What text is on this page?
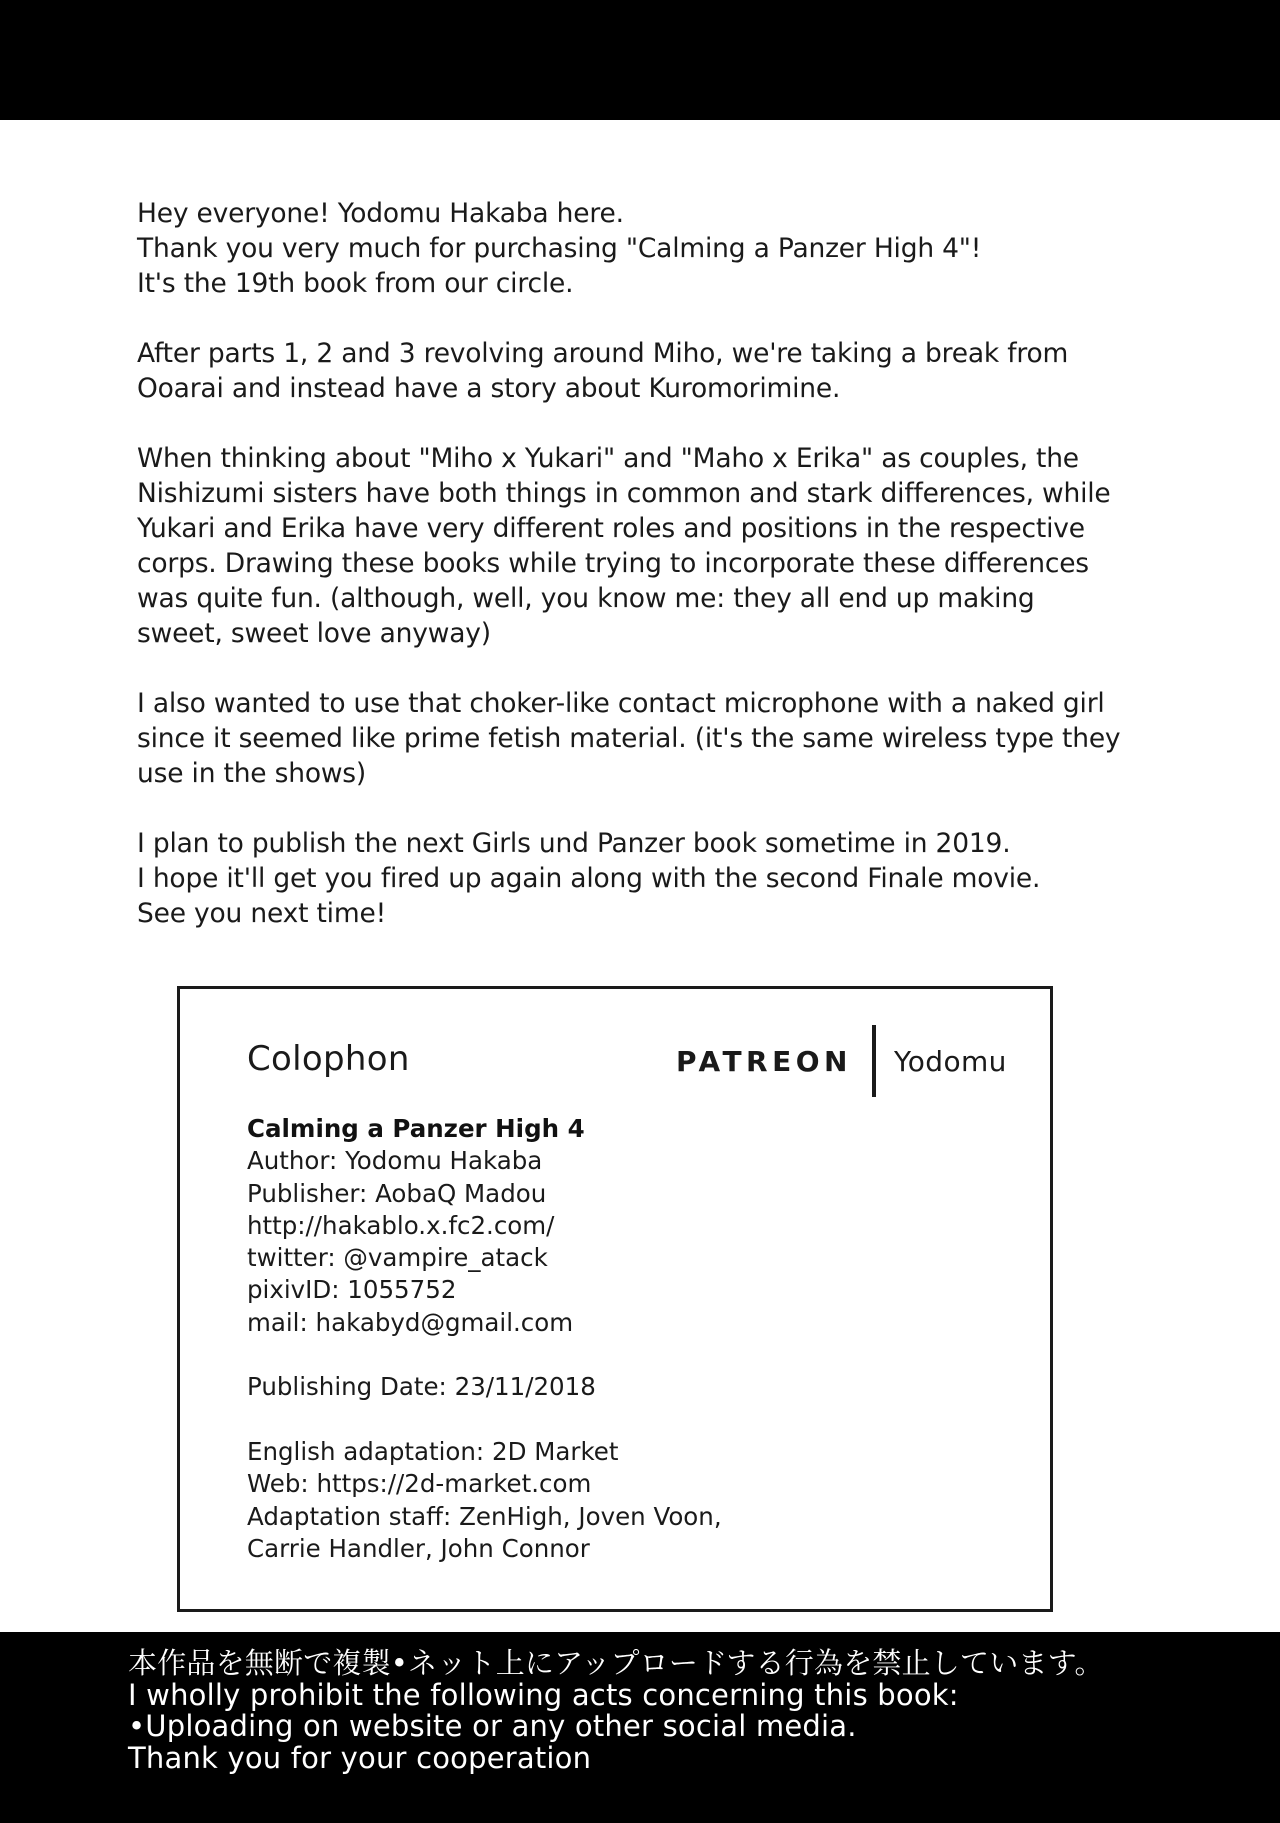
Hey everyone! Yodomu Hakaba here.
Thank you very much for purchasing "Calming a Panzer High 4"!
It's the 19th book from our circle.

After parts 1, 2 and 3 revolving around Miho, we're taking a break from
Ooarai and instead have a story about Kuromorimine.

When thinking about "Miho x Yukari" and "Maho x Erika" as couples, the
Nishizumi sisters have both things in common and stark differences, while
Yukari and Erika have very different roles and positions in the respective
corps. Drawing these books while trying to incorporate these differences
was quite fun. (although, well, you know me: they all end up making
sweet, sweet love anyway)

I also wanted to use that choker-like contact microphone with a naked girl
since it seemed like prime fetish material. (it's the same wireless type they
use in the shows)

I plan to publish the next Girls und Panzer book sometime in 2019.
I hope it'll get you fired up again along with the second Finale movie.
See you next time!

Colophon	PATREON Yodomu
Calming a Panzer High 4
Author: Yodomu Hakaba
Publisher: AobaQ Madou
http://hakablo.x.fc2.com/
twitter: @vampire_atack
pixivID: 1055752
mail: hakabyd@gmail.com
Publishing Date: 23/11/2018
English adaptation: 2D Market
Web: https://2d-market.com
Adaptation staff: ZenHigh, Joven Voon,
Carrie Handler, John Connor
本作品を無断で複製•ネット上にアップロードする行為を禁止しています。
I wholly prohibit the following acts concerning this book:
•Uploading on website or any other social media.
Thank you for your cooperation
